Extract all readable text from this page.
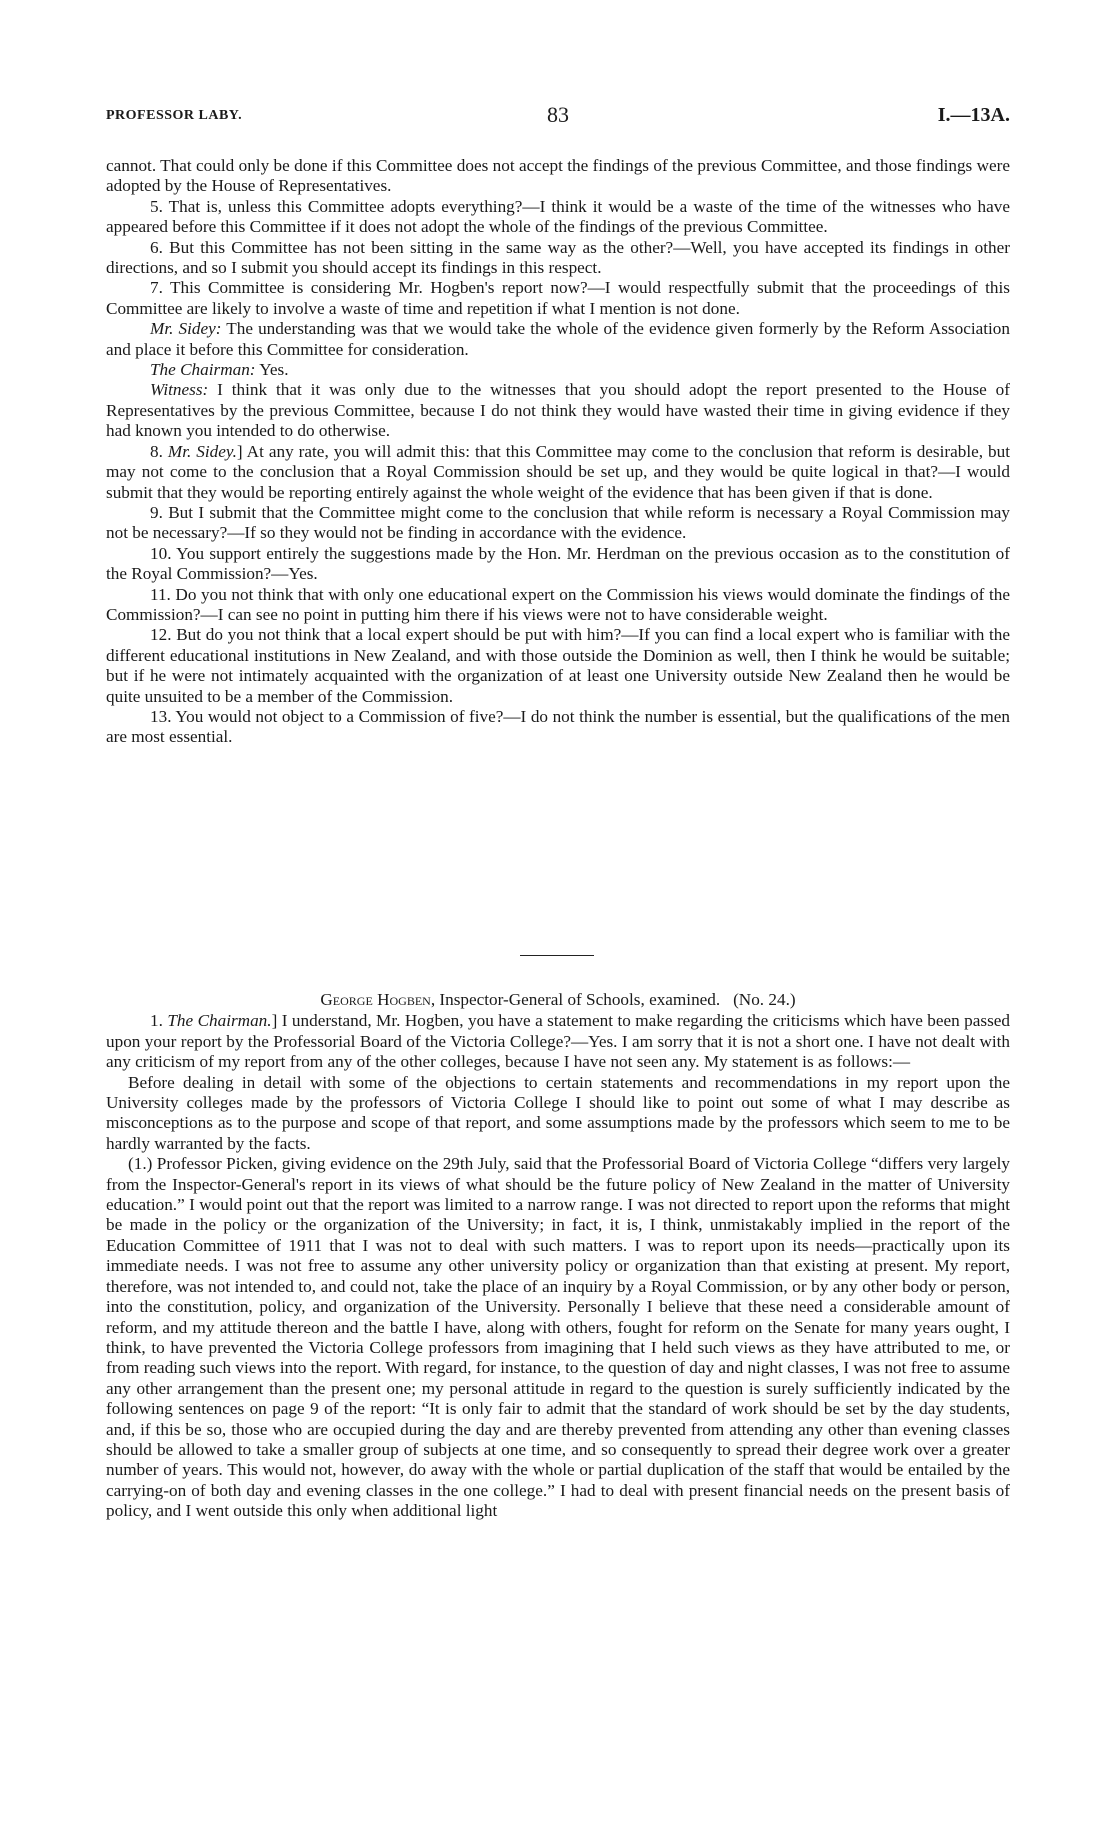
PROFESSOR LABY.	83	I.—13A.

cannot. That could only be done if this Committee does not accept the findings of the previous Committee, and those findings were adopted by the House of Representatives.

5. That is, unless this Committee adopts everything?—I think it would be a waste of the time of the witnesses who have appeared before this Committee if it does not adopt the whole of the findings of the previous Committee.

6. But this Committee has not been sitting in the same way as the other?—Well, you have accepted its findings in other directions, and so I submit you should accept its findings in this respect.

7. This Committee is considering Mr. Hogben's report now?—I would respectfully submit that the proceedings of this Committee are likely to involve a waste of time and repetition if what I mention is not done.

Mr. Sidey: The understanding was that we would take the whole of the evidence given formerly by the Reform Association and place it before this Committee for consideration.

The Chairman: Yes.

Witness: I think that it was only due to the witnesses that you should adopt the report presented to the House of Representatives by the previous Committee, because I do not think they would have wasted their time in giving evidence if they had known you intended to do otherwise.

8. Mr. Sidey.] At any rate, you will admit this: that this Committee may come to the conclusion that reform is desirable, but may not come to the conclusion that a Royal Commission should be set up, and they would be quite logical in that?—I would submit that they would be reporting entirely against the whole weight of the evidence that has been given if that is done.

9. But I submit that the Committee might come to the conclusion that while reform is necessary a Royal Commission may not be necessary?—If so they would not be finding in accordance with the evidence.

10. You support entirely the suggestions made by the Hon. Mr. Herdman on the previous occasion as to the constitution of the Royal Commission?—Yes.

11. Do you not think that with only one educational expert on the Commission his views would dominate the findings of the Commission?—I can see no point in putting him there if his views were not to have considerable weight.

12. But do you not think that a local expert should be put with him?—If you can find a local expert who is familiar with the different educational institutions in New Zealand, and with those outside the Dominion as well, then I think he would be suitable; but if he were not intimately acquainted with the organization of at least one University outside New Zealand then he would be quite unsuited to be a member of the Commission.

13. You would not object to a Commission of five?—I do not think the number is essential, but the qualifications of the men are most essential.

George Hogben, Inspector-General of Schools, examined. (No. 24.)

1. The Chairman.] I understand, Mr. Hogben, you have a statement to make regarding the criticisms which have been passed upon your report by the Professorial Board of the Victoria College?—Yes. I am sorry that it is not a short one. I have not dealt with any criticism of my report from any of the other colleges, because I have not seen any. My statement is as follows:—

Before dealing in detail with some of the objections to certain statements and recommendations in my report upon the University colleges made by the professors of Victoria College I should like to point out some of what I may describe as misconceptions as to the purpose and scope of that report, and some assumptions made by the professors which seem to me to be hardly warranted by the facts.

(1.) Professor Picken, giving evidence on the 29th July, said that the Professorial Board of Victoria College “differs very largely from the Inspector-General's report in its views of what should be the future policy of New Zealand in the matter of University education.” I would point out that the report was limited to a narrow range. I was not directed to report upon the reforms that might be made in the policy or the organization of the University; in fact, it is, I think, unmistakably implied in the report of the Education Committee of 1911 that I was not to deal with such matters. I was to report upon its needs—practically upon its immediate needs. I was not free to assume any other university policy or organization than that existing at present. My report, therefore, was not intended to, and could not, take the place of an inquiry by a Royal Commission, or by any other body or person, into the constitution, policy, and organization of the University. Personally I believe that these need a considerable amount of reform, and my attitude thereon and the battle I have, along with others, fought for reform on the Senate for many years ought, I think, to have prevented the Victoria College professors from imagining that I held such views as they have attributed to me, or from reading such views into the report. With regard, for instance, to the question of day and night classes, I was not free to assume any other arrangement than the present one; my personal attitude in regard to the question is surely sufficiently indicated by the following sentences on page 9 of the report: “It is only fair to admit that the standard of work should be set by the day students, and, if this be so, those who are occupied during the day and are thereby prevented from attending any other than evening classes should be allowed to take a smaller group of subjects at one time, and so consequently to spread their degree work over a greater number of years. This would not, however, do away with the whole or partial duplication of the staff that would be entailed by the carrying-on of both day and evening classes in the one college.” I had to deal with present financial needs on the present basis of policy, and I went outside this only when additional light
